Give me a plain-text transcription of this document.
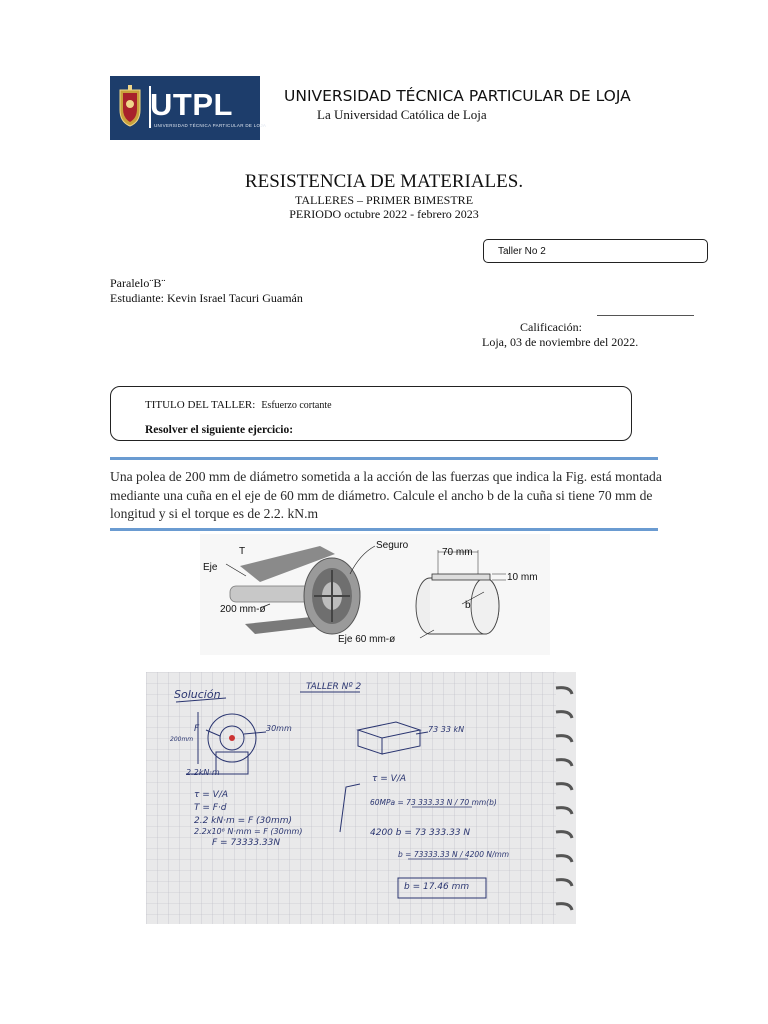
UTPL
UNIVERSIDAD TÉCNICA PARTICULAR DE LOJA
UNIVERSIDAD TÉCNICA PARTICULAR DE LOJA
La Universidad Católica de Loja
RESISTENCIA DE MATERIALES.
TALLERES – PRIMER BIMESTRE
PERIODO octubre 2022 - febrero 2023
Taller No 2
Paralelo¨B¨
Estudiante: Kevin Israel Tacuri Guamán
Calificación:
Loja, 03 de noviembre del 2022.
TITULO DEL TALLER: Esfuerzo cortante
Resolver el siguiente ejercicio:
Una polea de 200 mm de diámetro sometida a la acción de las fuerzas que indica la Fig. está montada mediante una cuña en el eje de 60 mm de diámetro. Calcule el ancho b de la cuña si tiene 70 mm de longitud y si el torque es de 2.2. kN.m
T
Eje
Seguro
200 mm-ø
70 mm
10 mm
b
Eje 60 mm-ø
Solución
TALLER Nº 2
F	30mm
200mm
2.2kN·m
73 33 kN
τ = V/A
T = F·d
2.2 kN·m = F (30mm)
2.2x10⁶ N·mm = F (30mm)
F = 73333.33N
τ = V/A
60MPa = 73 333.33 N / 70 mm(b)
4200 b = 73 333.33 N
b = 73333.33 N / 4200 N/mm
b = 17.46 mm
